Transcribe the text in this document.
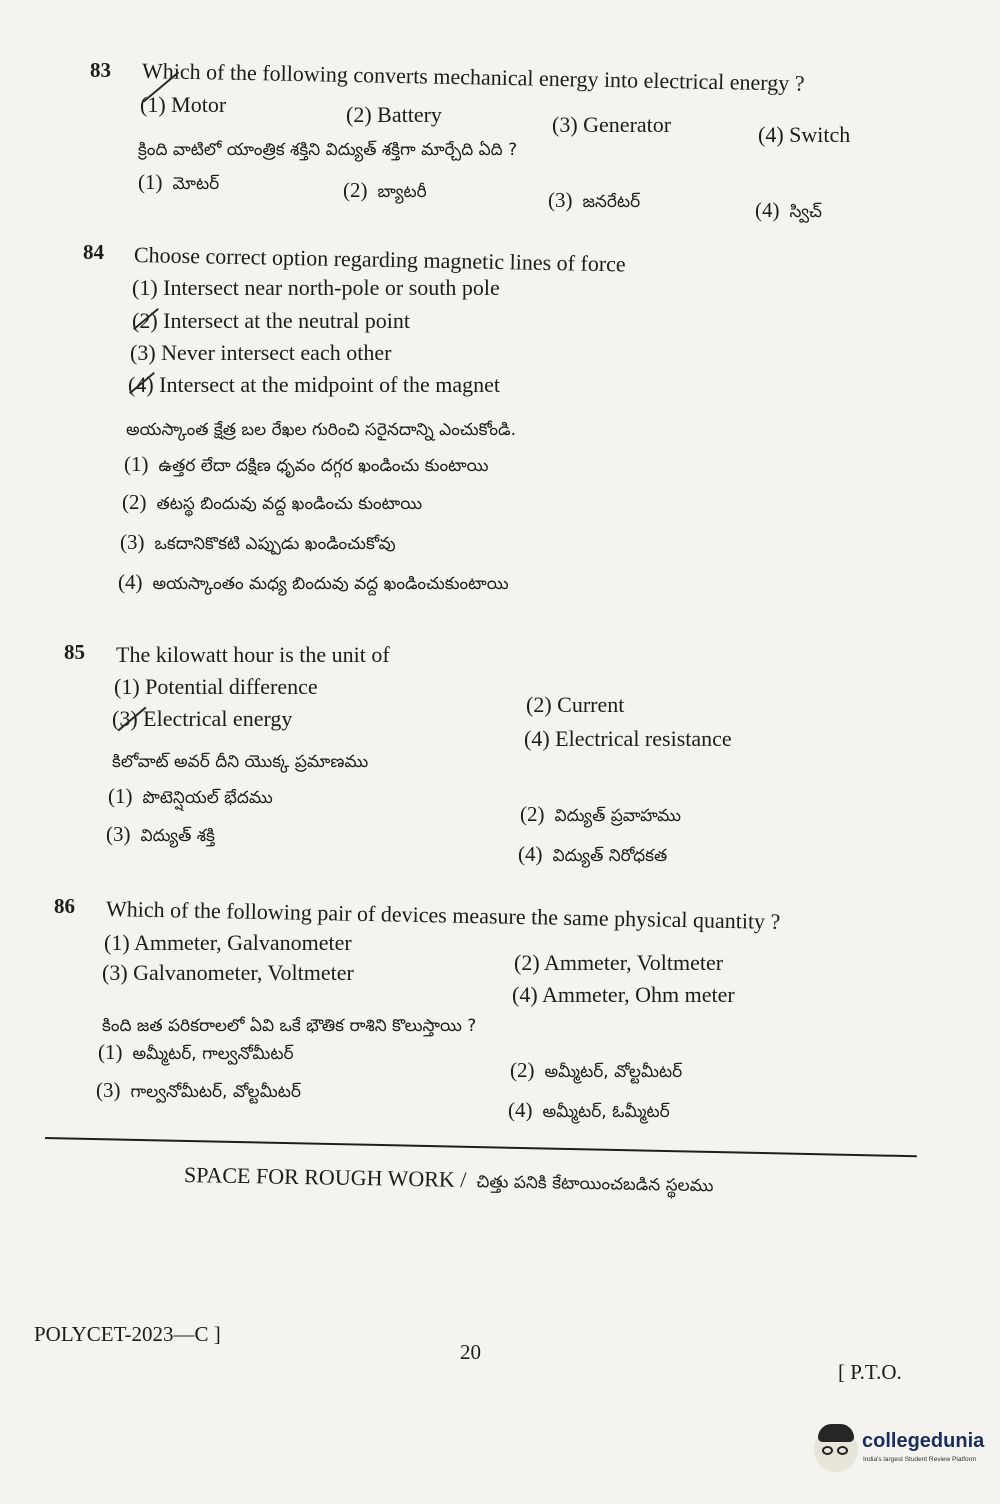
83 Which of the following converts mechanical energy into electrical energy ?
(1) Motor	(2) Battery	(3) Generator	(4) Switch
క్రింది వాటిలో యాంత్రిక శక్తిని విద్యుత్ శక్తిగా మార్చేది ఏది ?
(1) మోటర్	(2) బ్యాటరీ	(3) జనరేటర్	(4) స్విచ్
84 Choose correct option regarding magnetic lines of force
(1) Intersect near north-pole or south pole
(2) Intersect at the neutral point
(3) Never intersect each other
(4) Intersect at the midpoint of the magnet
అయస్కాంత క్షేత్ర బల రేఖల గురించి సరైనదాన్ని ఎంచుకోండి.
(1) ఉత్తర లేదా దక్షిణ ధృవం దగ్గర ఖండించు కుంటాయి
(2) తటస్థ బిందువు వద్ద ఖండించు కుంటాయి
(3) ఒకదానికొకటి ఎప్పుడు ఖండించుకోవు
(4) అయస్కాంతం మధ్య బిందువు వద్ద ఖండించుకుంటాయి
85 The kilowatt hour is the unit of
(1) Potential difference
(2) Current
(3) Electrical energy
(4) Electrical resistance
కిలోవాట్ అవర్ దీని యొక్క ప్రమాణము
(1) పొటెన్షియల్ భేదము
(2) విద్యుత్ ప్రవాహము
(3) విద్యుత్ శక్తి
(4) విద్యుత్ నిరోధకత
86 Which of the following pair of devices measure the same physical quantity ?
(1) Ammeter, Galvanometer
(2) Ammeter, Voltmeter
(3) Galvanometer, Voltmeter
(4) Ammeter, Ohm meter
కింది జత పరికరాలలో ఏవి ఒకే భౌతిక రాశిని కొలుస్తాయి ?
(1) అమ్మీటర్, గాల్వనోమీటర్
(2) అమ్మీటర్, వోల్టమీటర్
(3) గాల్వనోమీటర్, వోల్టమీటర్
(4) అమ్మీటర్, ఓమ్మీటర్
SPACE FOR ROUGH WORK / చిత్తు పనికి కేటాయించబడిన స్థలము
POLYCET-2023—C ]
20
[ P.T.O.
collegedunia
India's largest Student Review Platform
